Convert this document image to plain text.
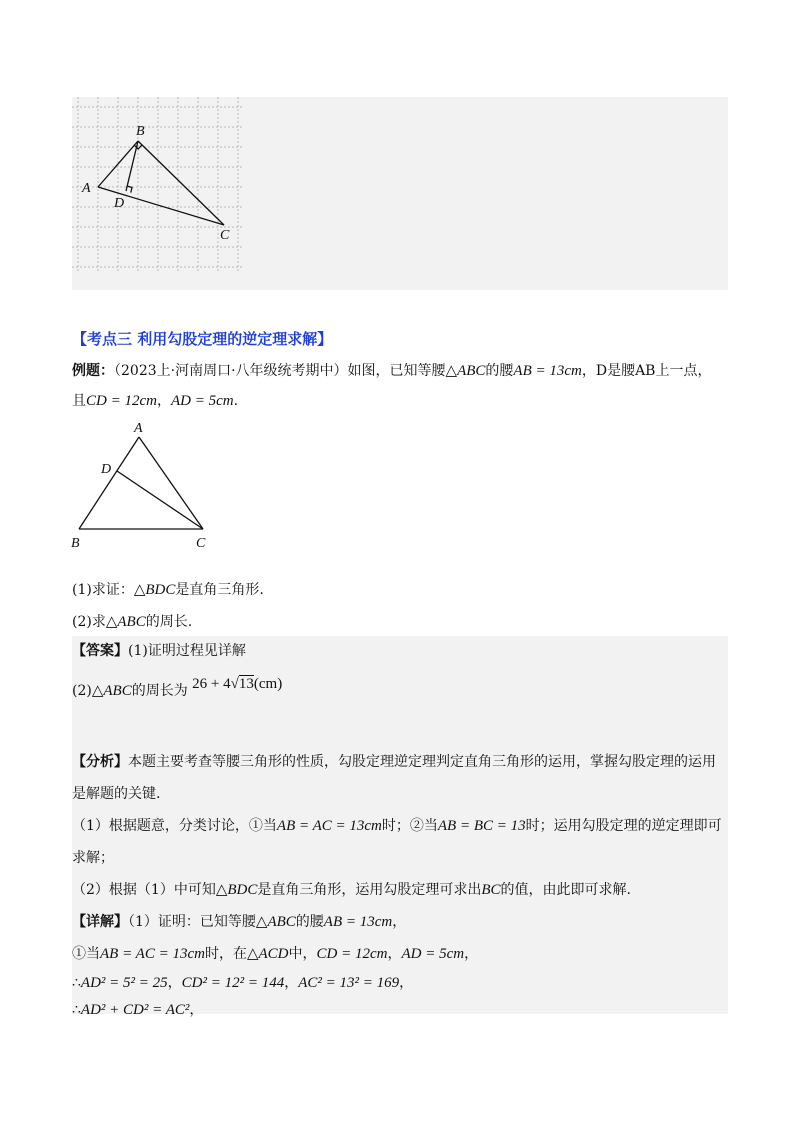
B
A
D
C
【考点三 利用勾股定理的逆定理求解】
例题：（2023上·河南周口·八年级统考期中）如图，已知等腰△ABC的腰AB = 13cm，D是腰AB上一点，
且CD = 12cm，AD = 5cm.
A
D
B	C
(1)求证：△BDC是直角三角形.
(2)求△ABC的周长.
【答案】(1)证明过程见详解
(2)△ABC的周长为 26 + 4√13(cm)
【分析】本题主要考查等腰三角形的性质，勾股定理逆定理判定直角三角形的运用，掌握勾股定理的运用
是解题的关键.
（1）根据题意，分类讨论，①当AB = AC = 13cm时；②当AB = BC = 13时；运用勾股定理的逆定理即可
求解；
（2）根据（1）中可知△BDC是直角三角形，运用勾股定理可求出BC的值，由此即可求解.
【详解】（1）证明：已知等腰△ABC的腰AB = 13cm，
①当AB = AC = 13cm时，在△ACD中，CD = 12cm，AD = 5cm，
∴AD² = 5² = 25，CD² = 12² = 144，AC² = 13² = 169，
∴AD² + CD² = AC²，
